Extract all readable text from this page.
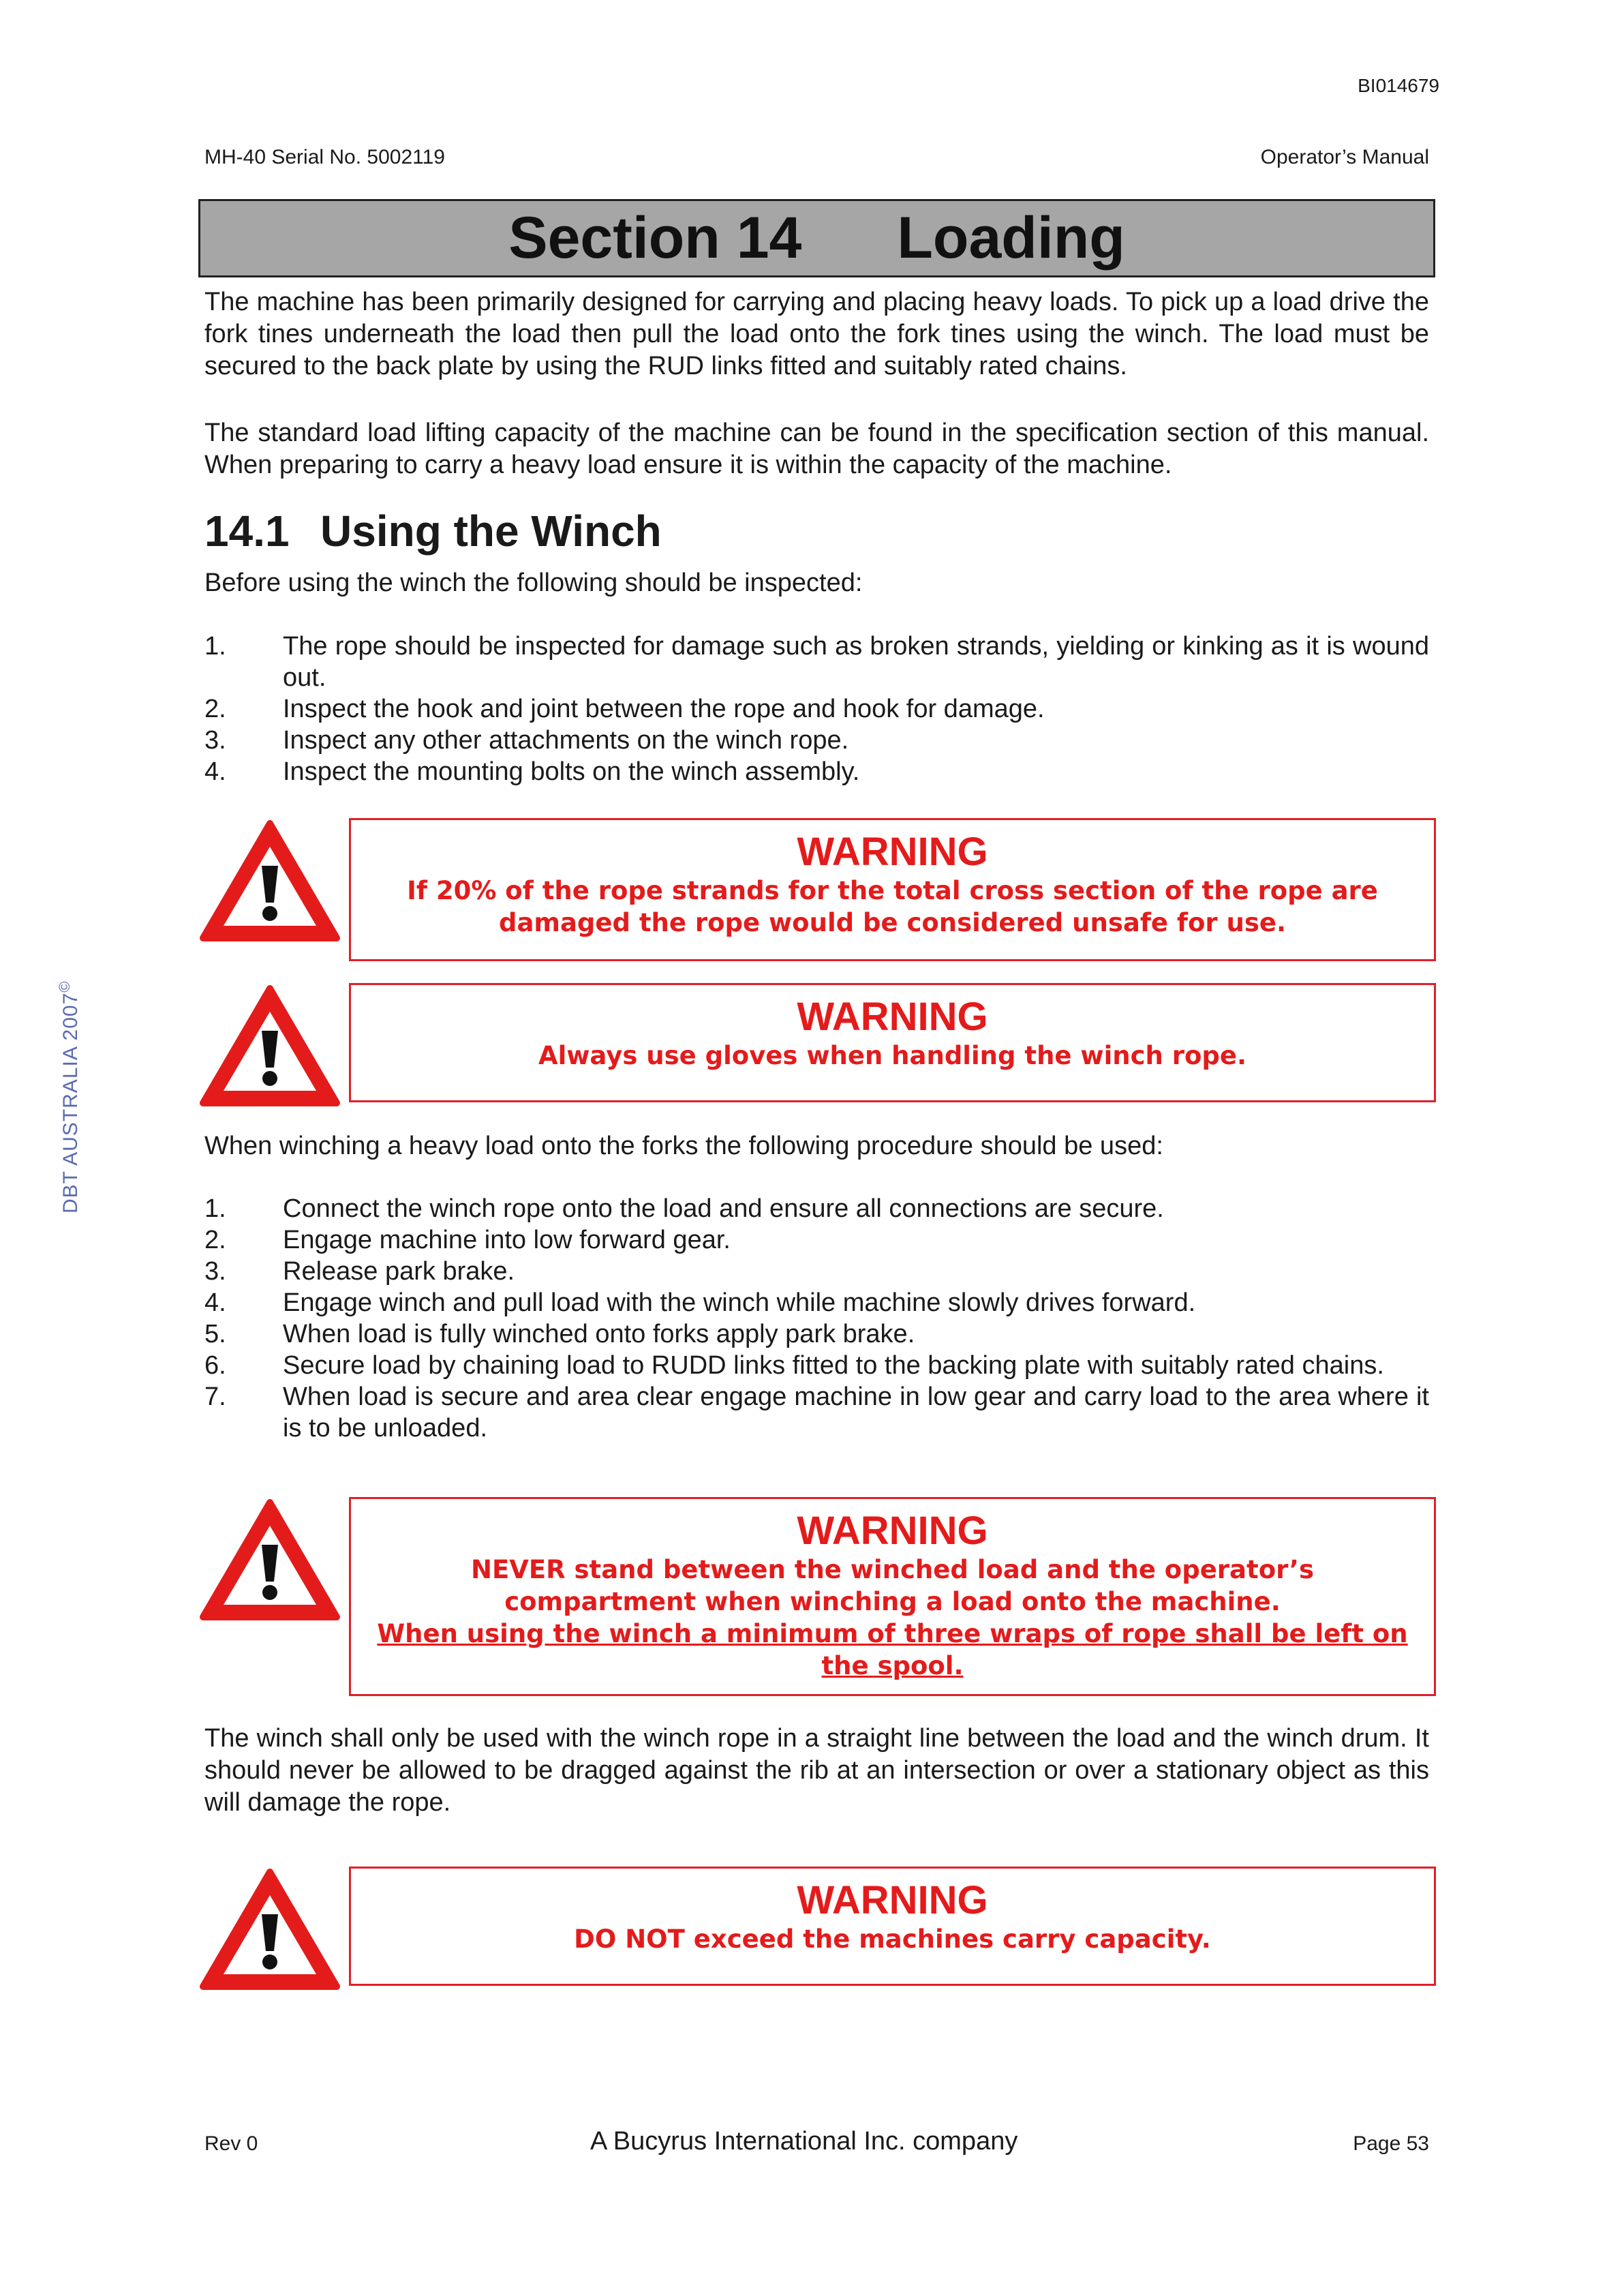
BI014679
MH-40 Serial No. 5002119	Operator’s Manual
Section 14 Loading

The machine has been primarily designed for carrying and placing heavy loads. To pick up a load drive the fork tines underneath the load then pull the load onto the fork tines using the winch. The load must be secured to the back plate by using the RUD links fitted and suitably rated chains.

The standard load lifting capacity of the machine can be found in the specification section of this manual. When preparing to carry a heavy load ensure it is within the capacity of the machine.

14.1 Using the Winch

Before using the winch the following should be inspected:

1.	The rope should be inspected for damage such as broken strands, yielding or kinking as it is wound out.
2.	Inspect the hook and joint between the rope and hook for damage.
3.	Inspect any other attachments on the winch rope.
4.	Inspect the mounting bolts on the winch assembly.
WARNING
If 20% of the rope strands for the total cross section of the rope are damaged the rope would be considered unsafe for use.
WARNING
Always use gloves when handling the winch rope.

When winching a heavy load onto the forks the following procedure should be used:

1.	Connect the winch rope onto the load and ensure all connections are secure.
2.	Engage machine into low forward gear.
3.	Release park brake.
4.	Engage winch and pull load with the winch while machine slowly drives forward.
5.	When load is fully winched onto forks apply park brake.
6.	Secure load by chaining load to RUDD links fitted to the backing plate with suitably rated chains.
7.	When load is secure and area clear engage machine in low gear and carry load to the area where it is to be unloaded.
WARNING
NEVER stand between the winched load and the operator’s compartment when winching a load onto the machine.
When using the winch a minimum of three wraps of rope shall be left on the spool.

The winch shall only be used with the winch rope in a straight line between the load and the winch drum. It should never be allowed to be dragged against the rib at an intersection or over a stationary object as this will damage the rope.

WARNING
DO NOT exceed the machines carry capacity.
DBT AUSTRALIA 2007©
Rev 0	A Bucyrus International Inc. company	Page 53
